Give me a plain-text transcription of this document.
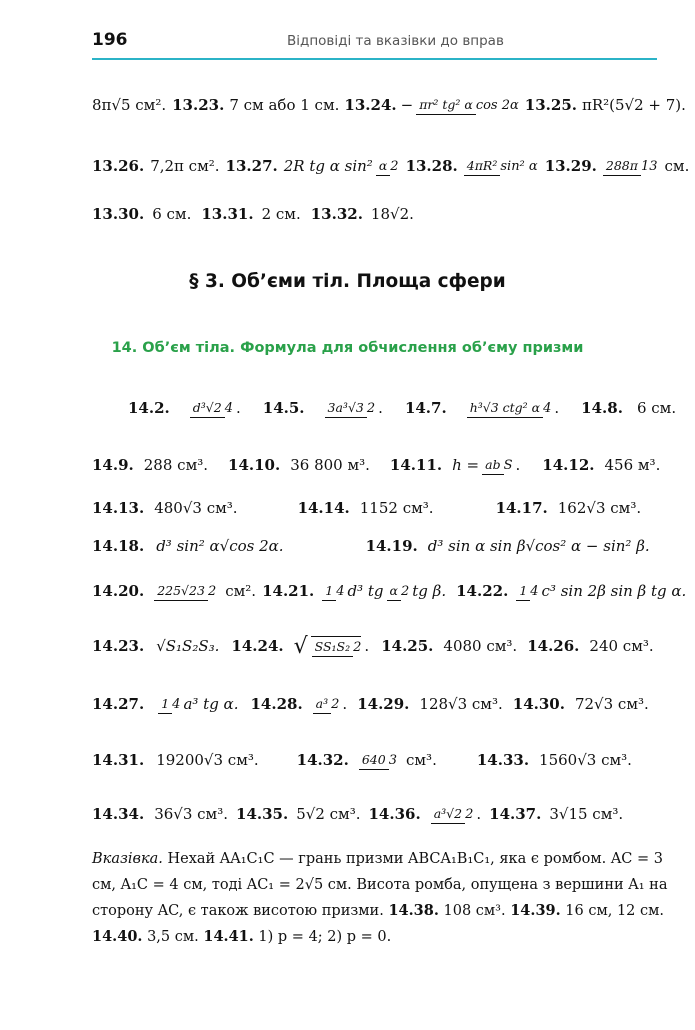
196	Відповіді та вказівки до вправ
8π√5 см². 13.23. 7 см або 1 см. 13.24. − πr² tg² α cos 2α 13.25. πR²(5√2 + 7).
13.26. 7,2π см². 13.27. 2R tg α sin² α 2 13.28. 4πR² sin² α 13.29. 288π 13 см.
13.30. 6 см. 13.31. 2 см. 13.32. 18√2.
§ 3. Об’єми тіл. Площа сфери
14. Об’єм тіла. Формула для обчислення об’єму призми
14.2. d³√2 4 . 14.5. 3a³√3 2 . 14.7. h³√3 ctg² α 4 . 14.8. 6 см.
14.9. 288 см³. 14.10. 36 800 м³. 14.11. h = ab S . 14.12. 456 м³.
14.13. 480√3 см³.	14.14. 1152 см³.	14.17. 162√3 см³.
14.18. d³ sin² α√cos 2α.	14.19. d³ sin α sin β√cos² α − sin² β.
14.20. 225√23 2 см². 14.21. 1 4 d³ tg α 2 tg β. 14.22. 1 4 c³ sin 2β sin β tg α.
14.23. √S₁S₂S₃. 14.24. √ SS₁S₂ 2 . 14.25. 4080 см³. 14.26. 240 см³.
14.27. 1 4 a³ tg α. 14.28. a³ 2 . 14.29. 128√3 см³. 14.30. 72√3 см³.
14.31. 19200√3 см³.	14.32. 640 3 см³.	14.33. 1560√3 см³.
14.34. 36√3 см³. 14.35. 5√2 см³. 14.36. a³√2 2 . 14.37. 3√15 см³.
Вказівка. Нехай AA₁C₁C — грань призми ABCA₁B₁C₁, яка є ромбом. AC = 3 см, A₁C = 4 см, тоді AC₁ = 2√5 см. Висота ромба, опущена з вершини A₁ на сторону AC, є також висотою призми. 14.38. 108 см³. 14.39. 16 см, 12 см. 14.40. 3,5 см. 14.41. 1) p = 4; 2) p = 0.
